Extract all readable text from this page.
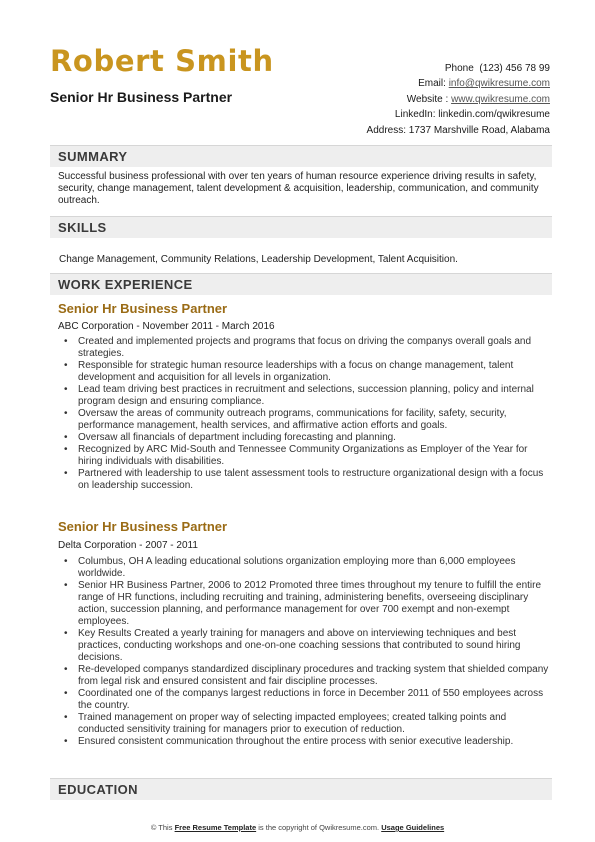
Robert Smith
Senior Hr Business Partner
Phone (123) 456 78 99
Email: info@qwikresume.com
Website : www.qwikresume.com
LinkedIn: linkedin.com/qwikresume
Address: 1737 Marshville Road, Alabama
SUMMARY
Successful business professional with over ten years of human resource experience driving results in safety, security, change management, talent development & acquisition, leadership, communication, and community outreach.
SKILLS
Change Management, Community Relations, Leadership Development, Talent Acquisition.
WORK EXPERIENCE
Senior Hr Business Partner
ABC Corporation - November 2011 - March 2016
• Created and implemented projects and programs that focus on driving the companys overall goals and strategies.
• Responsible for strategic human resource leaderships with a focus on change management, talent development and acquisition for all levels in organization.
• Lead team driving best practices in recruitment and selections, succession planning, policy and internal program design and ensuring compliance.
• Oversaw the areas of community outreach programs, communications for facility, safety, security, performance management, health services, and affirmative action efforts and goals.
• Oversaw all financials of department including forecasting and planning.
• Recognized by ARC Mid-South and Tennessee Community Organizations as Employer of the Year for hiring individuals with disabilities.
• Partnered with leadership to use talent assessment tools to restructure organizational design with a focus on leadership succession.
Senior Hr Business Partner
Delta Corporation - 2007 - 2011
• Columbus, OH A leading educational solutions organization employing more than 6,000 employees worldwide.
• Senior HR Business Partner, 2006 to 2012 Promoted three times throughout my tenure to fulfill the entire range of HR functions, including recruiting and training, administering benefits, overseeing disciplinary action, succession planning, and performance management for over 700 exempt and non-exempt employees.
• Key Results Created a yearly training for managers and above on interviewing techniques and best practices, conducting workshops and one-on-one coaching sessions that contributed to sound hiring decisions.
• Re-developed companys standardized disciplinary procedures and tracking system that shielded company from legal risk and ensured consistent and fair discipline processes.
• Coordinated one of the companys largest reductions in force in December 2011 of 550 employees across the country.
• Trained management on proper way of selecting impacted employees; created talking points and conducted sensitivity training for managers prior to execution of reduction.
• Ensured consistent communication throughout the entire process with senior executive leadership.
EDUCATION
© This Free Resume Template is the copyright of Qwikresume.com. Usage Guidelines
